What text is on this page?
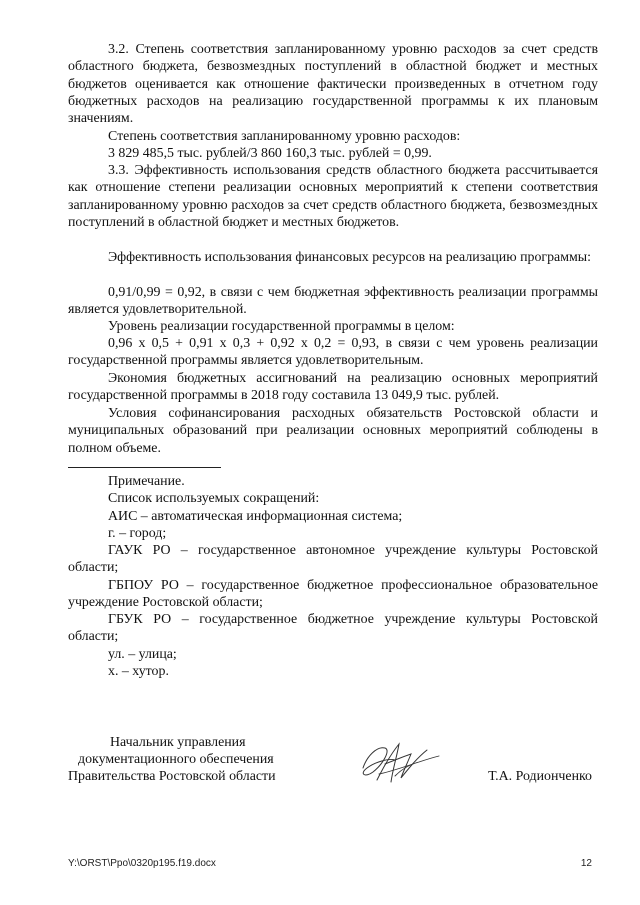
3.2. Степень соответствия запланированному уровню расходов за счет средств областного бюджета, безвозмездных поступлений в областной бюджет и местных бюджетов оценивается как отношение фактически произведенных в отчетном году бюджетных расходов на реализацию государственной программы к их плановым значениям.

Степень соответствия запланированному уровню расходов:

3 829 485,5 тыс. рублей/3 860 160,3 тыс. рублей = 0,99.

3.3. Эффективность использования средств областного бюджета рассчитывается как отношение степени реализации основных мероприятий к степени соответствия запланированному уровню расходов за счет средств областного бюджета, безвозмездных поступлений в областной бюджет и местных бюджетов.

Эффективность использования финансовых ресурсов на реализацию программы:

0,91/0,99 = 0,92, в связи с чем бюджетная эффективность реализации программы является удовлетворительной.

Уровень реализации государственной программы в целом:

0,96 х 0,5 + 0,91 х 0,3 + 0,92 х 0,2 = 0,93, в связи с чем уровень реализации государственной программы является удовлетворительным.

Экономия бюджетных ассигнований на реализацию основных мероприятий государственной программы в 2018 году составила 13 049,9 тыс. рублей.

Условия софинансирования расходных обязательств Ростовской области и муниципальных образований при реализации основных мероприятий соблюдены в полном объеме.

Примечание.

Список используемых сокращений:

АИС – автоматическая информационная система;

г. – город;

ГАУК РО – государственное автономное учреждение культуры Ростовской области;

ГБПОУ РО – государственное бюджетное профессиональное образовательное учреждение Ростовской области;

ГБУК РО – государственное бюджетное учреждение культуры Ростовской области;

ул. – улица;

х. – хутор.

Начальник управления
документационного обеспечения
Правительства Ростовской области	Т.А. Родионченко
Y:\ORST\Ppo\0320p195.f19.docx	12
